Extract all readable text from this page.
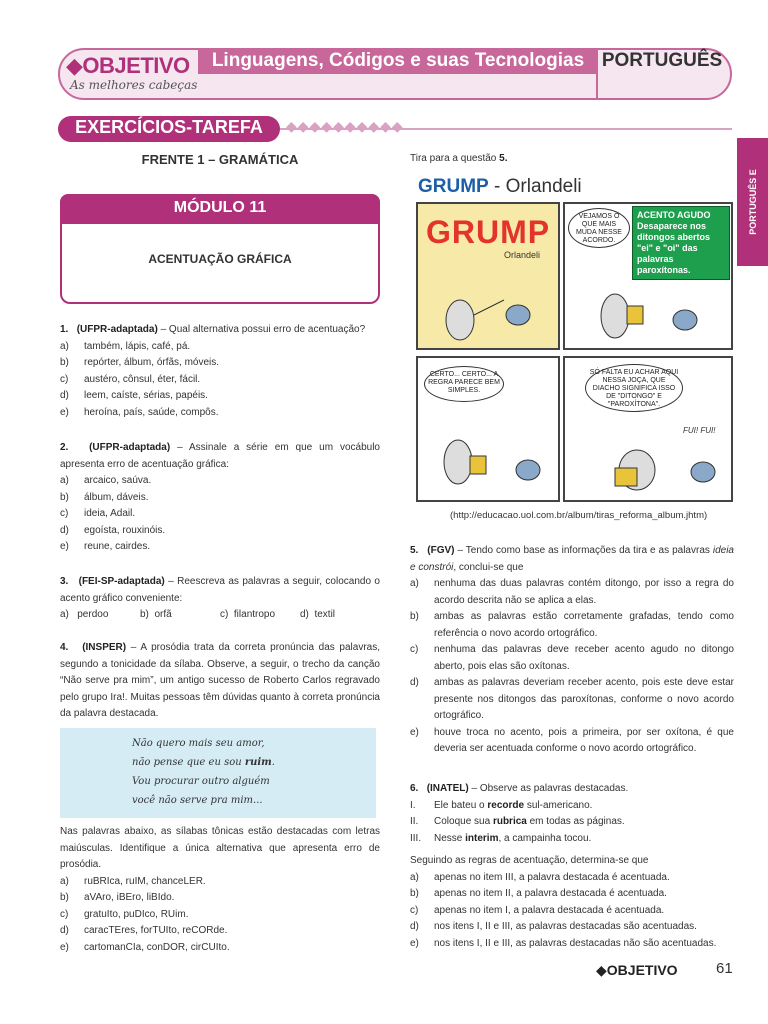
◆OBJETIVO
As melhores cabeças
Linguagens, Códigos e suas Tecnologias PORTUGUÊS
EXERCÍCIOS-TAREFA	◆◆◆◆◆◆◆◆◆◆
PORTUGUÊS E
FRENTE 1 – GRAMÁTICA
MÓDULO 11
ACENTUAÇÃO GRÁFICA
1. (UFPR-adaptada) – Qual alternativa possui erro de acentuação?
a)	também, lápis, café, pá.
b)	repórter, álbum, órfãs, móveis.
c)	austéro, cônsul, éter, fácil.
d)	leem, caíste, sérias, papéis.
e)	heroína, país, saúde, compôs.
2. (UFPR-adaptada) – Assinale a série em que um vocábulo apresenta erro de acentuação gráfica:
a)	arcaico, saúva.
b)	álbum, dáveis.
c)	ideia, Adail.
d)	egoísta, rouxinóis.
e)	reune, cairdes.
3. (FEI-SP-adaptada) – Reescreva as palavras a seguir, colocando o acento gráfico conveniente:
a) perdoo	b) orfã	c) filantropo	d) textil
4. (INSPER) – A prosódia trata da correta pronúncia das palavras, segundo a tonicidade da sílaba. Observe, a seguir, o trecho da canção “Não serve pra mim”, um antigo sucesso de Roberto Carlos regravado pelo grupo Ira!. Muitas pessoas têm dúvidas quanto à correta pronúncia da palavra destacada.
Não quero mais seu amor,
não pense que eu sou ruim.
Vou procurar outro alguém
você não serve pra mim...
Nas palavras abaixo, as sílabas tônicas estão destacadas com letras maiúsculas. Identifique a única alternativa que apresenta erro de prosódia.
a)	ruBRIca, ruIM, chanceLER.
b)	aVAro, iBEro, liBIdo.
c)	gratuIto, puDIco, RUim.
d)	caracTEres, forTUIto, reCORde.
e)	cartomanCIa, conDOR, cirCUIto.
Tira para a questão 5.
GRUMP - Orlandeli
GRUMP
Orlandeli
VEJAMOS O QUE MAIS MUDA NESSE ACORDO.
ACENTO AGUDO
Desaparece nos ditongos abertos "ei" e "oi" das palavras paroxítonas.
CERTO... CERTO... A REGRA PARECE BEM SIMPLES.
SÓ FALTA EU ACHAR AQUI NESSA JOÇA, QUE DIACHO SIGNIFICA ISSO DE "DITONGO" E "PAROXÍTONA".
FUI! FUI!
(http://educacao.uol.com.br/album/tiras_reforma_album.jhtm)
5. (FGV) – Tendo como base as informações da tira e as palavras ideia e constrói, conclui-se que
a)	nenhuma das duas palavras contém ditongo, por isso a regra do acordo descrita não se aplica a elas.
b)	ambas as palavras estão corretamente grafadas, tendo como referência o novo acordo ortográfico.
c)	nenhuma das palavras deve receber acento agudo no ditongo aberto, pois elas são oxítonas.
d)	ambas as palavras deveriam receber acento, pois este deve estar presente nos ditongos das paroxítonas, conforme o novo acordo ortográfico.
e)	houve troca no acento, pois a primeira, por ser oxítona, é que deveria ser acentuada conforme o novo acordo ortográfico.
6. (INATEL) – Observe as palavras destacadas.
I.	Ele bateu o recorde sul-americano.
II.	Coloque sua rubrica em todas as páginas.
III.	Nesse interim, a campainha tocou.
Seguindo as regras de acentuação, determina-se que
a)	apenas no item III, a palavra destacada é acentuada.
b)	apenas no item II, a palavra destacada é acentuada.
c)	apenas no item I, a palavra destacada é acentuada.
d)	nos itens I, II e III, as palavras destacadas são acentuadas.
e)	nos itens I, II e III, as palavras destacadas não são acentuadas.
◆OBJETIVO	61
